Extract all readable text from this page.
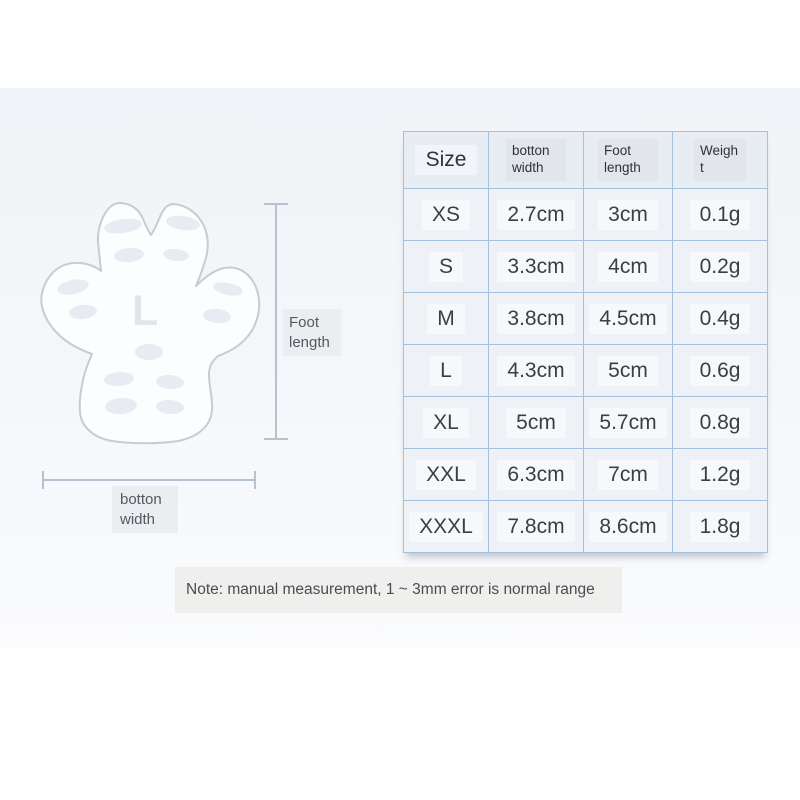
L	Foot length
botton width
Size	botton width	Foot length	Weight
XS	2.7cm	3cm	0.1g
S	3.3cm	4cm	0.2g
M	3.8cm	4.5cm	0.4g
L	4.3cm	5cm	0.6g
XL	5cm	5.7cm	0.8g
XXL	6.3cm	7cm	1.2g
XXXL	7.8cm	8.6cm	1.8g
Note: manual measurement, 1 ~ 3mm error is normal range
